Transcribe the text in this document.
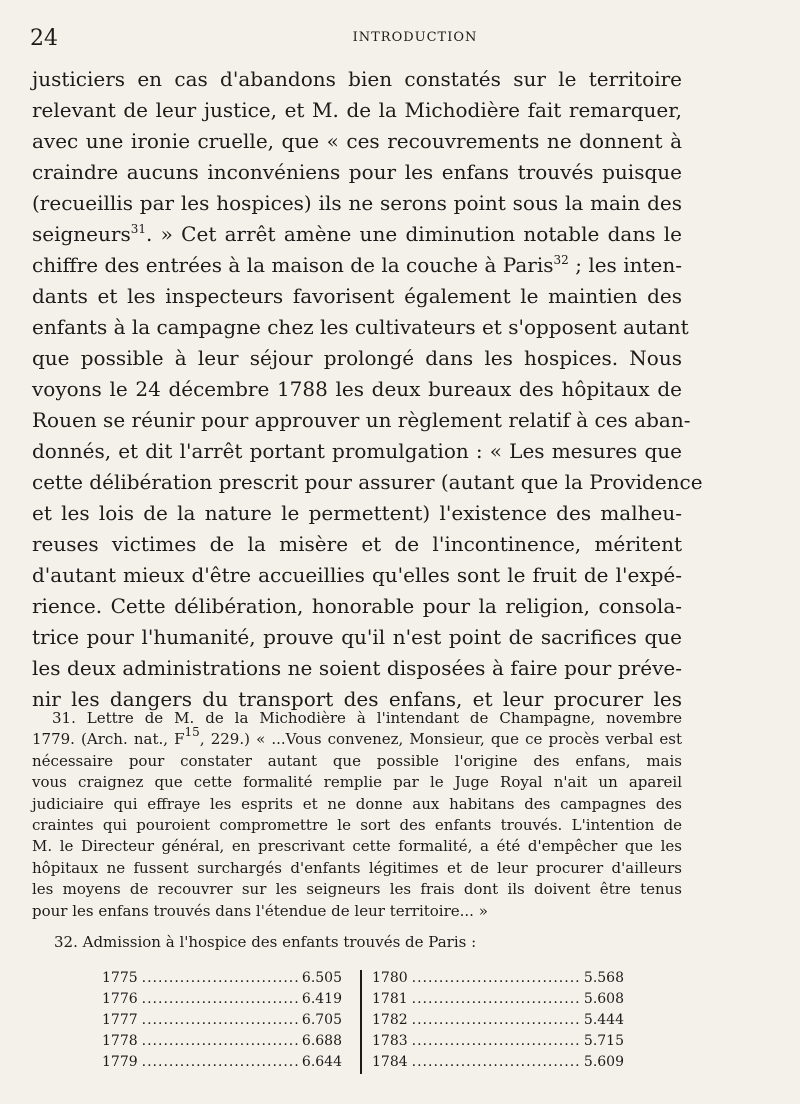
24	INTRODUCTION
justiciers en cas d'abandons bien constatés sur le territoire
relevant de leur justice, et M. de la Michodière fait remarquer,
avec une ironie cruelle, que « ces recouvrements ne donnent à
craindre aucuns inconvéniens pour les enfans trouvés puisque
(recueillis par les hospices) ils ne serons point sous la main des
seigneurs$^{31}$. » Cet arrêt amène une diminution notable dans le
chiffre des entrées à la maison de la couche à Paris$^{32}$ ; les inten-
dants et les inspecteurs favorisent également le maintien des
enfants à la campagne chez les cultivateurs et s'opposent autant
que possible à leur séjour prolongé dans les hospices. Nous
voyons le 24 décembre 1788 les deux bureaux des hôpitaux de
Rouen se réunir pour approuver un règlement relatif à ces aban-
donnés, et dit l'arrêt portant promulgation : « Les mesures que
cette délibération prescrit pour assurer (autant que la Providence
et les lois de la nature le permettent) l'existence des malheu-
reuses victimes de la misère et de l'incontinence, méritent
d'autant mieux d'être accueillies qu'elles sont le fruit de l'expé-
rience. Cette délibération, honorable pour la religion, consola-
trice pour l'humanité, prouve qu'il n'est point de sacrifices que
les deux administrations ne soient disposées à faire pour préve-
nir les dangers du transport des enfans, et leur procurer les
31. Lettre de M. de la Michodière à l'intendant de Champagne, novembre
1779. (Arch. nat., $F^{15}$, 229.) « ...Vous convenez, Monsieur, que ce procès verbal est
nécessaire pour constater autant que possible l'origine des enfans, mais
vous craignez que cette formalité remplie par le Juge Royal n'ait un apareil
judiciaire qui effraye les esprits et ne donne aux habitans des campagnes des
craintes qui pouroient compromettre le sort des enfants trouvés. L'intention de
M. le Directeur général, en prescrivant cette formalité, a été d'empêcher que les
hôpitaux ne fussent surchargés d'enfants légitimes et de leur procurer d'ailleurs
les moyens de recouvrer sur les seigneurs les frais dont ils doivent être tenus
pour les enfans trouvés dans l'étendue de leur territoire... »
32. Admission à l'hospice des enfants trouvés de Paris :
1775 .....	6.505
1776 .....	6.419
1777 .....	6.705
1778 .....	6.688
1779 .....	6.644
1780 .....	5.568
1781 .....	5.608
1782 .....	5.444
1783 .....	5.715
1784 .....	5.609
